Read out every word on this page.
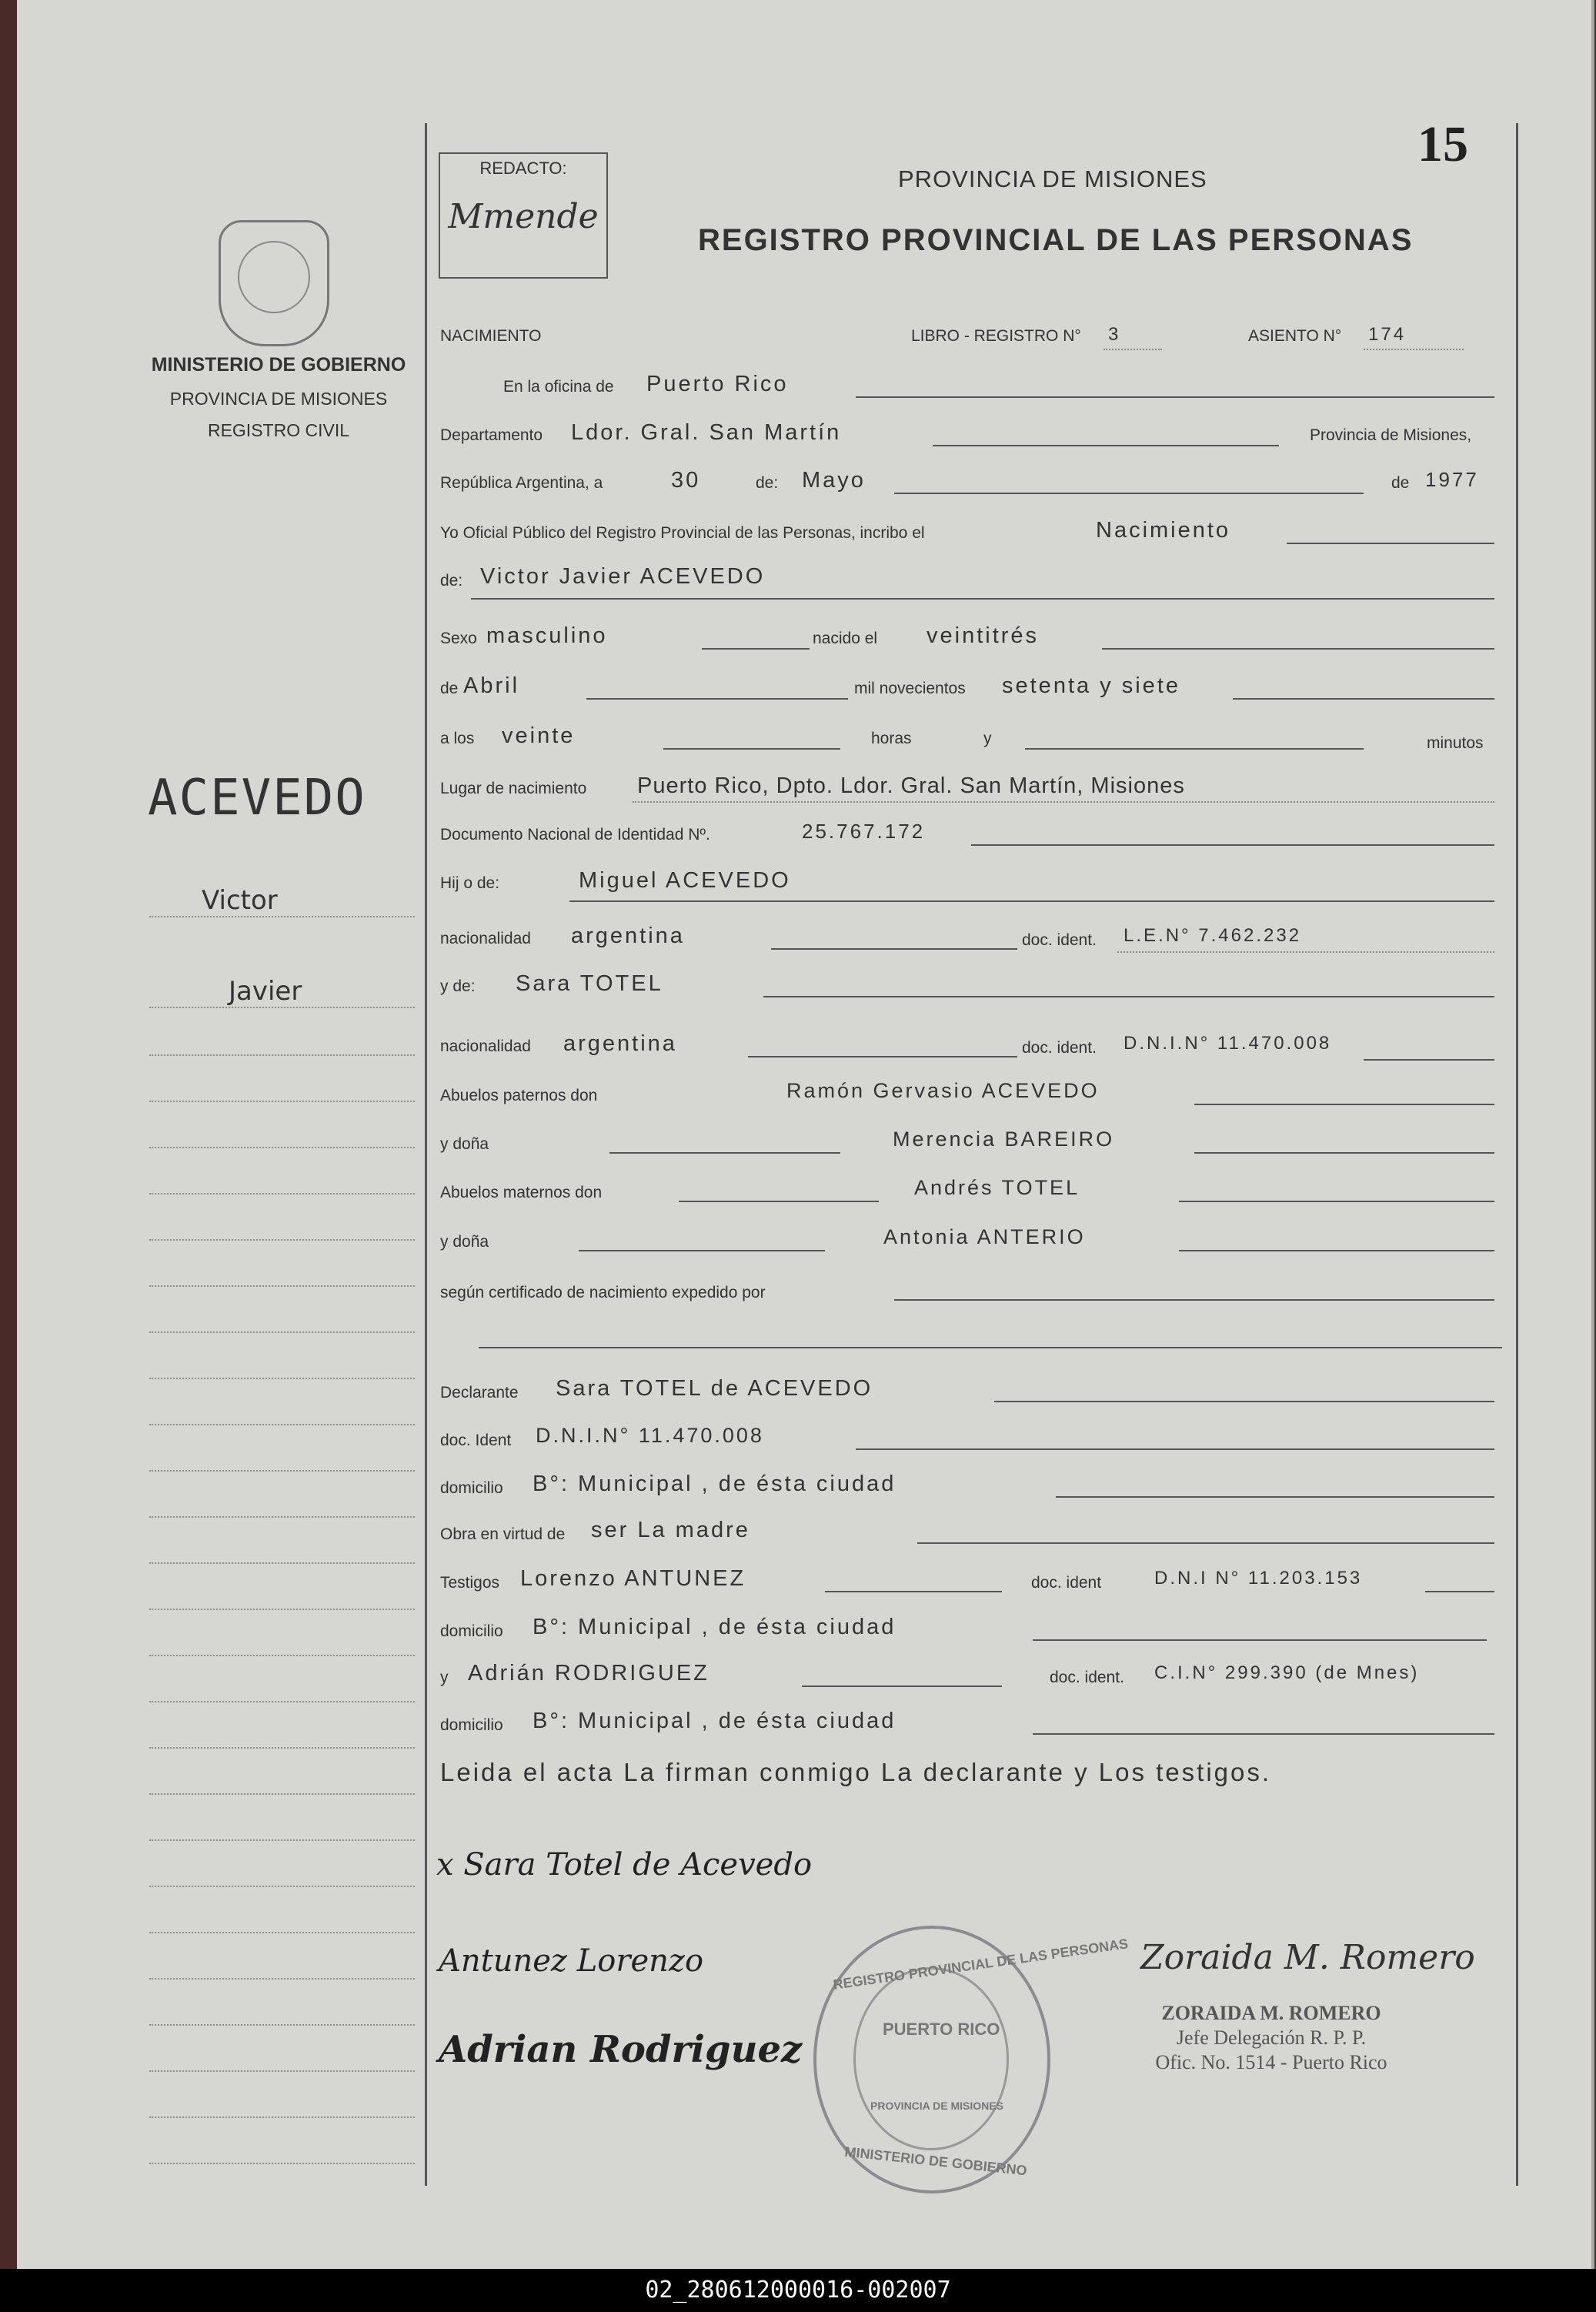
15
REDACTO:
Mmende
PROVINCIA DE MISIONES
REGISTRO PROVINCIAL DE LAS PERSONAS
MINISTERIO DE GOBIERNO
PROVINCIA DE MISIONES
REGISTRO CIVIL
ACEVEDO
Victor
Javier
NACIMIENTO	LIBRO - REGISTRO N° 3	ASIENTO N° 174
En la oficina de Puerto Rico
Departamento Ldor. Gral. San Martín	Provincia de Misiones,
República Argentina, a	30	de: Mayo	de 1977
Yo Oficial Público del Registro Provincial de las Personas, incribo el	Nacimiento
de: Victor Javier ACEVEDO
Sexo masculino	nacido el veintitrés
de Abril	mil novecientos setenta y siete
a los veinte	horas	y	minutos
Lugar de nacimiento Puerto Rico, Dpto. Ldor. Gral. San Martín, Misiones
Documento Nacional de Identidad Nº.	25.767.172
Hij o de:	Miguel ACEVEDO
nacionalidad argentina	doc. ident. L.E.N° 7.462.232
y de: Sara TOTEL
nacionalidad argentina	doc. ident. D.N.I.N° 11.470.008
Abuelos paternos don	Ramón Gervasio ACEVEDO
y doña	Merencia BAREIRO
Abuelos maternos don	Andrés TOTEL
y doña	Antonia ANTERIO
según certificado de nacimiento expedido por
Declarante Sara TOTEL de ACEVEDO
doc. Ident D.N.I.N° 11.470.008
domicilio B°: Municipal , de ésta ciudad
Obra en virtud de ser La madre
Testigos Lorenzo ANTUNEZ	doc. ident	D.N.I N° 11.203.153
domicilio B°: Municipal , de ésta ciudad
y Adrián RODRIGUEZ	doc. ident. C.I.N° 299.390 (de Mnes)
domicilio B°: Municipal , de ésta ciudad
Leida el acta La firman conmigo La declarante y Los testigos.
x Sara Totel de Acevedo
Antunez Lorenzo
Adrian Rodriguez
REGISTRO PROVINCIAL DE LAS PERSONAS
PUERTO RICO
PROVINCIA DE MISIONES
MINISTERIO DE GOBIERNO
Zoraida M. Romero
ZORAIDA M. ROMERO
Jefe Delegación R. P. P.
Ofic. No. 1514 - Puerto Rico
02_280612000016-002007
